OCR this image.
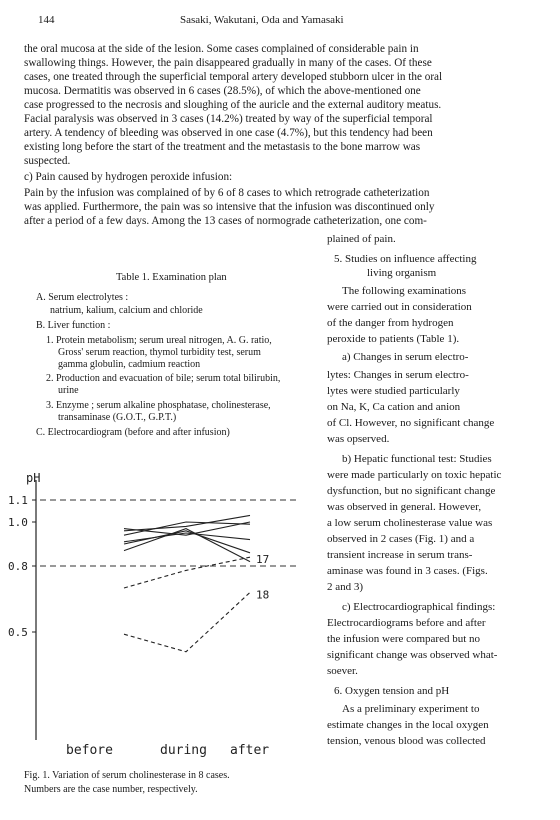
144	Sasaki, Wakutani, Oda and Yamasaki
the oral mucosa at the side of the lesion. Some cases complained of considerable pain in
swallowing things. However, the pain disappeared gradually in many of the cases. Of these
cases, one treated through the superficial temporal artery developed stubborn ulcer in the oral
mucosa. Dermatitis was observed in 6 cases (28.5%), of which the above-mentioned one
case progressed to the necrosis and sloughing of the auricle and the external auditory meatus.
Facial paralysis was observed in 3 cases (14.2%) treated by way of the superficial temporal
artery. A tendency of bleeding was observed in one case (4.7%), but this tendency had been
existing long before the start of the treatment and the metastasis to the bone marrow was
suspected.
c) Pain caused by hydrogen peroxide infusion:
Pain by the infusion was complained of by 6 of 8 cases to which retrograde catheterization
was applied. Furthermore, the pain was so intensive that the infusion was discontinued only
after a period of a few days. Among the 13 cases of normograde catheterization, one com-
Table 1. Examination plan
A. Serum electrolytes :
natrium, kalium, calcium and chloride
B. Liver function :
1. Protein metabolism; serum ureal nitrogen, A. G. ratio,
Gross' serum reaction, thymol turbidity test, serum
gamma globulin, cadmium reaction
2. Production and evacuation of bile; serum total bilirubin,
urine
3. Enzyme ; serum alkaline phosphatase, cholinesterase,
transaminase (G.O.T., G.P.T.)
C. Electrocardiogram (before and after infusion)
plained of pain.
5. Studies on influence affecting
living organism
The following examinations
were carried out in consideration
of the danger from hydrogen
peroxide to patients (Table 1).
a) Changes in serum electro-
lytes: Changes in serum electro-
lytes were studied particularly
on Na, K, Ca cation and anion
of Cl. However, no significant change
was opserved.
b) Hepatic functional test: Studies
were made particularly on toxic hepatic
dysfunction, but no significant change
was observed in general. However,
a low serum cholinesterase value was
observed in 2 cases (Fig. 1) and a
transient increase in serum trans-
aminase was found in 3 cases. (Figs.
2 and 3)
c) Electrocardiographical findings:
Electrocardiograms before and after
the infusion were compared but no
significant change was observed what-
soever.
6. Oxygen tension and pH
As a preliminary experiment to
estimate changes in the local oxygen
tension, venous blood was collected
pH
1.1
1.0
0.8
0.5
17
18
before	during after
Fig. 1. Variation of serum cholinesterase in 8 cases.
Numbers are the case number, respectively.
